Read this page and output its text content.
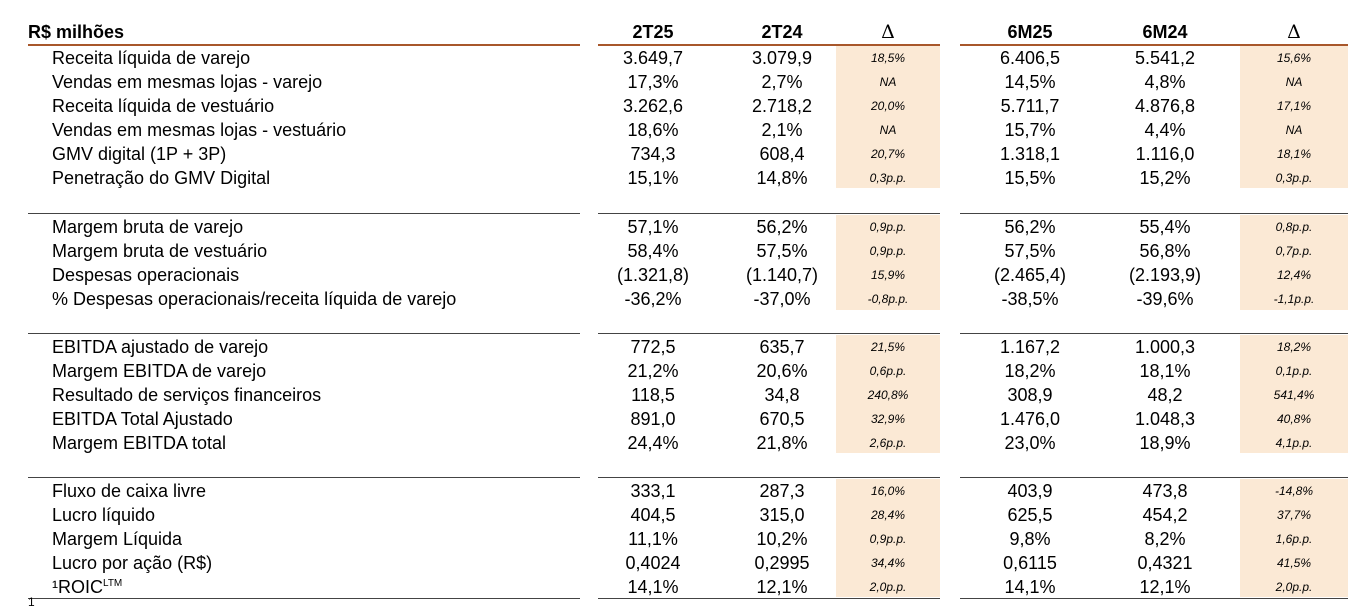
R$ milhões	2T25	2T24	Δ	6M25	6M24	Δ
Receita líquida de varejo	3.649,7	3.079,9	18,5%	6.406,5	5.541,2	15,6%
Vendas em mesmas lojas - varejo	17,3%	2,7%	NA	14,5%	4,8%	NA
Receita líquida de vestuário	3.262,6	2.718,2	20,0%	5.711,7	4.876,8	17,1%
Vendas em mesmas lojas - vestuário	18,6%	2,1%	NA	15,7%	4,4%	NA
GMV digital (1P + 3P)	734,3	608,4	20,7%	1.318,1	1.116,0	18,1%
Penetração do GMV Digital	15,1%	14,8%	0,3p.p.	15,5%	15,2%	0,3p.p.
Margem bruta de varejo	57,1%	56,2%	0,9p.p.	56,2%	55,4%	0,8p.p.
Margem bruta de vestuário	58,4%	57,5%	0,9p.p.	57,5%	56,8%	0,7p.p.
Despesas operacionais	(1.321,8)	(1.140,7)	15,9%	(2.465,4)	(2.193,9)	12,4%
% Despesas operacionais/receita líquida de varejo	-36,2%	-37,0%	-0,8p.p.	-38,5%	-39,6%	-1,1p.p.
EBITDA ajustado de varejo	772,5	635,7	21,5%	1.167,2	1.000,3	18,2%
Margem EBITDA de varejo	21,2%	20,6%	0,6p.p.	18,2%	18,1%	0,1p.p.
Resultado de serviços financeiros	118,5	34,8	240,8%	308,9	48,2	541,4%
EBITDA Total Ajustado	891,0	670,5	32,9%	1.476,0	1.048,3	40,8%
Margem EBITDA total	24,4%	21,8%	2,6p.p.	23,0%	18,9%	4,1p.p.
Fluxo de caixa livre	333,1	287,3	16,0%	403,9	473,8	-14,8%
Lucro líquido	404,5	315,0	28,4%	625,5	454,2	37,7%
Margem Líquida	11,1%	10,2%	0,9p.p.	9,8%	8,2%	1,6p.p.
Lucro por ação (R$)	0,4024	0,2995	34,4%	0,6115	0,4321	41,5%
$^1ROIC^{LTM}$	14,1%	12,1%	2,0p.p.	14,1%	12,1%	2,0p.p.
1
